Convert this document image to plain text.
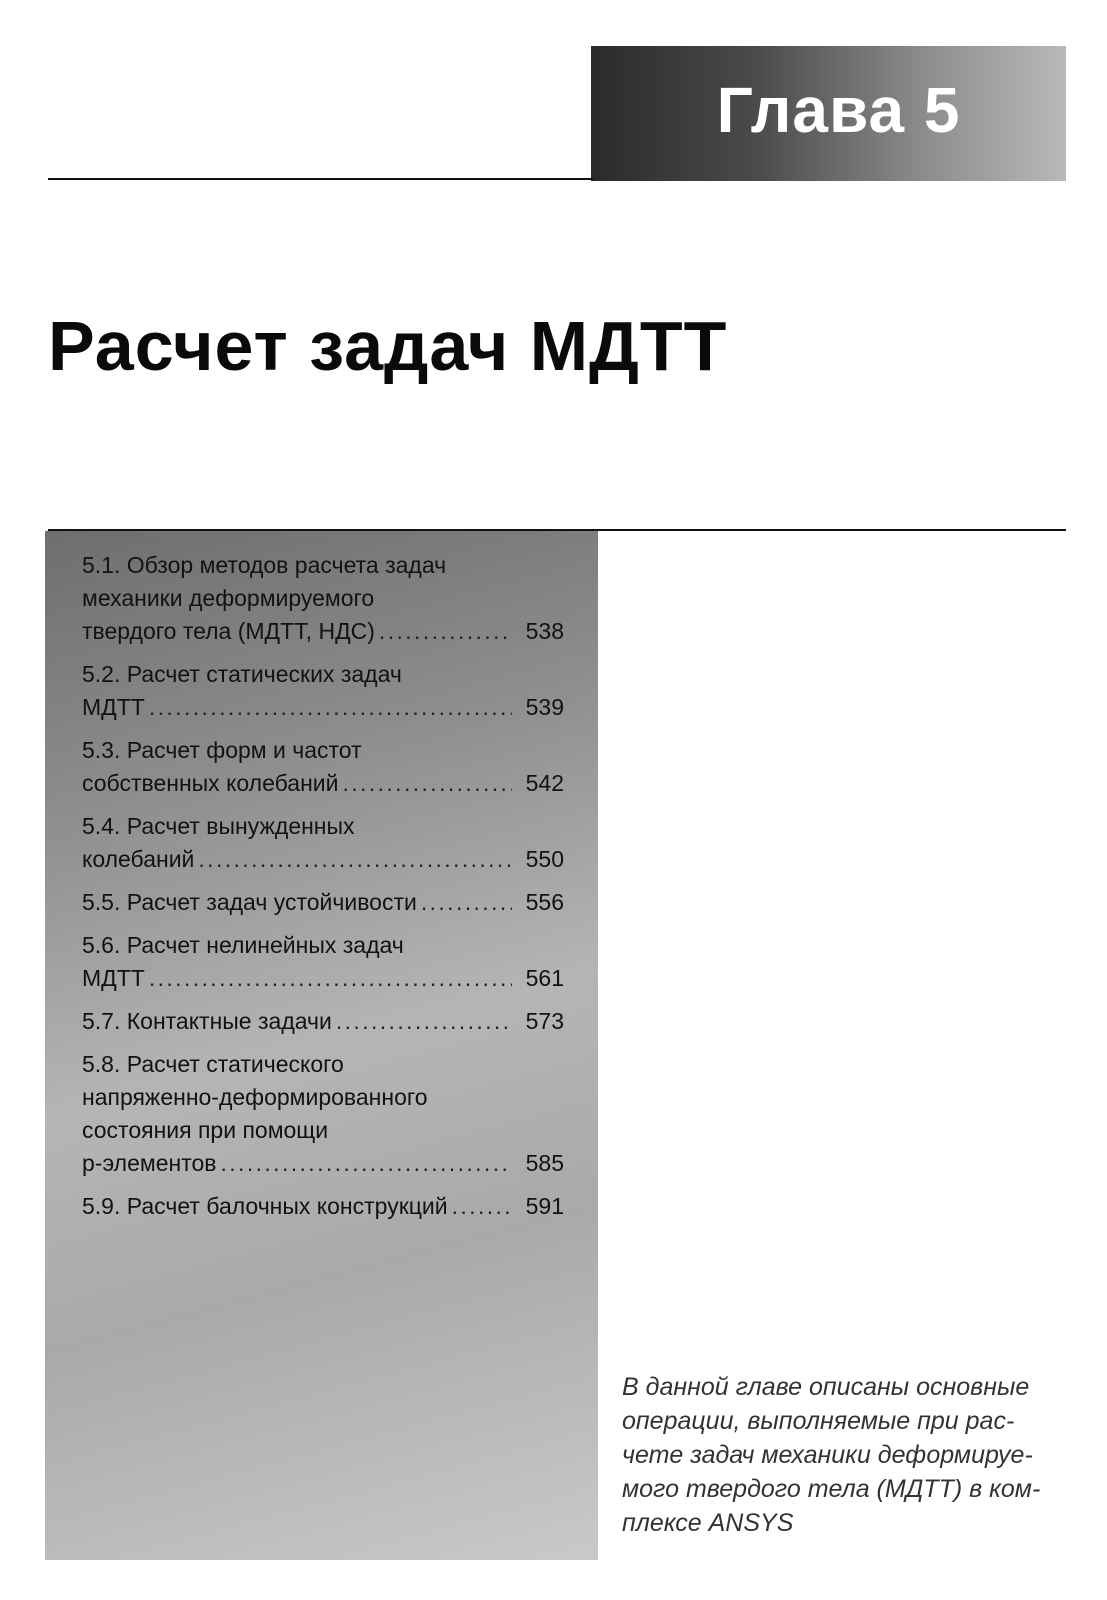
Глава 5
Расчет задач МДТТ
5.1. Обзор методов расчета задач
механики деформируемого
твердого тела (МДТТ, НДС) . . .	538
5.2. Расчет статических задач
МДТТ . . .	539
5.3. Расчет форм и частот
собственных колебаний . . .	542
5.4. Расчет вынужденных
колебаний . . .	550
5.5. Расчет задач устойчивости . . .	556
5.6. Расчет нелинейных задач
МДТТ . . .	561
5.7. Контактные задачи . . .	573
5.8. Расчет статического
напряженно-деформированного
состояния при помощи
р-элементов . . .	585
5.9. Расчет балочных конструкций . . .	591

В данной главе описаны основные
операции, выполняемые при рас-
чете задач механики деформируе-
мого твердого тела (МДТТ) в ком-
плексе ANSYS
